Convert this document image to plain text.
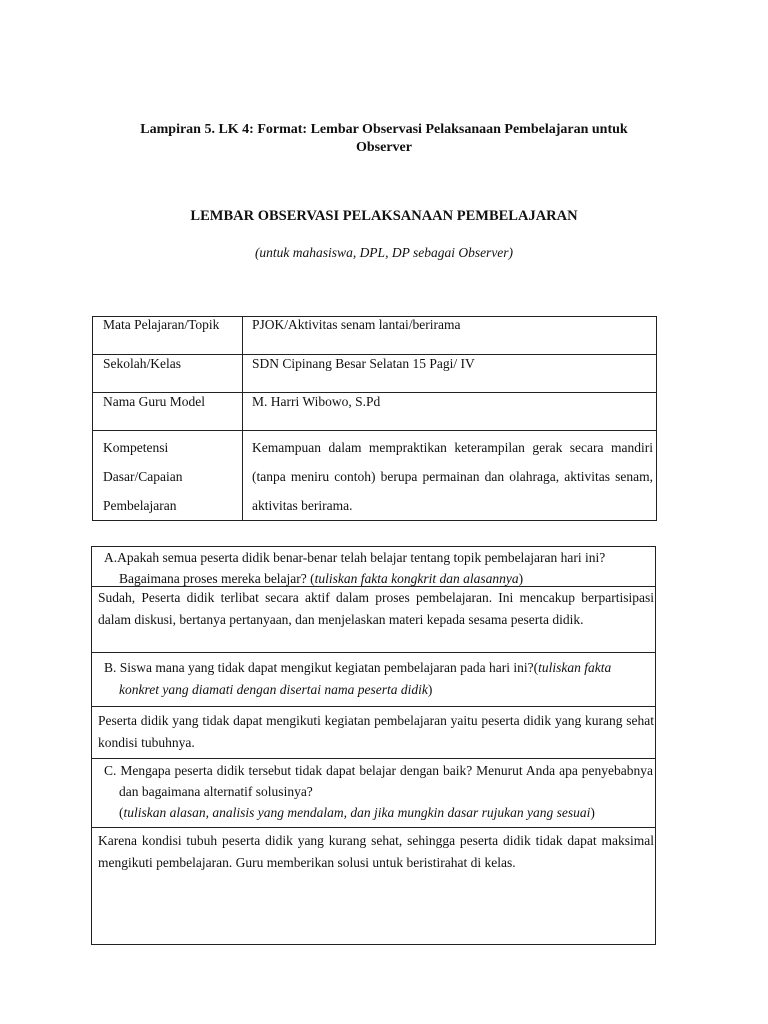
Lampiran 5. LK 4: Format: Lembar Observasi Pelaksanaan Pembelajaran untuk
Observer
LEMBAR OBSERVASI PELAKSANAAN PEMBELAJARAN
(untuk mahasiswa, DPL, DP sebagai Observer)
Mata Pelajaran/Topik	PJOK/Aktivitas senam lantai/berirama

Sekolah/Kelas	SDN Cipinang Besar Selatan 15 Pagi/ IV

Nama Guru Model	M. Harri Wibowo, S.Pd

Kompetensi
Dasar/Capaian
Pembelajaran	Kemampuan dalam mempraktikan keterampilan gerak secara mandiri (tanpa meniru contoh) berupa permainan dan olahraga, aktivitas senam, aktivitas berirama.
A.Apakah semua peserta didik benar-benar telah belajar tentang topik pembelajaran hari ini? Bagaimana proses mereka belajar? (tuliskan fakta kongkrit dan alasannya)
Sudah, Peserta didik terlibat secara aktif dalam proses pembelajaran. Ini mencakup berpartisipasi dalam diskusi, bertanya pertanyaan, dan menjelaskan materi kepada sesama peserta didik.
B. Siswa mana yang tidak dapat mengikut kegiatan pembelajaran pada hari ini?(tuliskan fakta konkret yang diamati dengan disertai nama peserta didik)
Peserta didik yang tidak dapat mengikuti kegiatan pembelajaran yaitu peserta didik yang kurang sehat kondisi tubuhnya.
C. Mengapa peserta didik tersebut tidak dapat belajar dengan baik? Menurut Anda apa penyebabnya dan bagaimana alternatif solusinya?
(tuliskan alasan, analisis yang mendalam, dan jika mungkin dasar rujukan yang sesuai)
Karena kondisi tubuh peserta didik yang kurang sehat, sehingga peserta didik tidak dapat maksimal mengikuti pembelajaran. Guru memberikan solusi untuk beristirahat di kelas.
